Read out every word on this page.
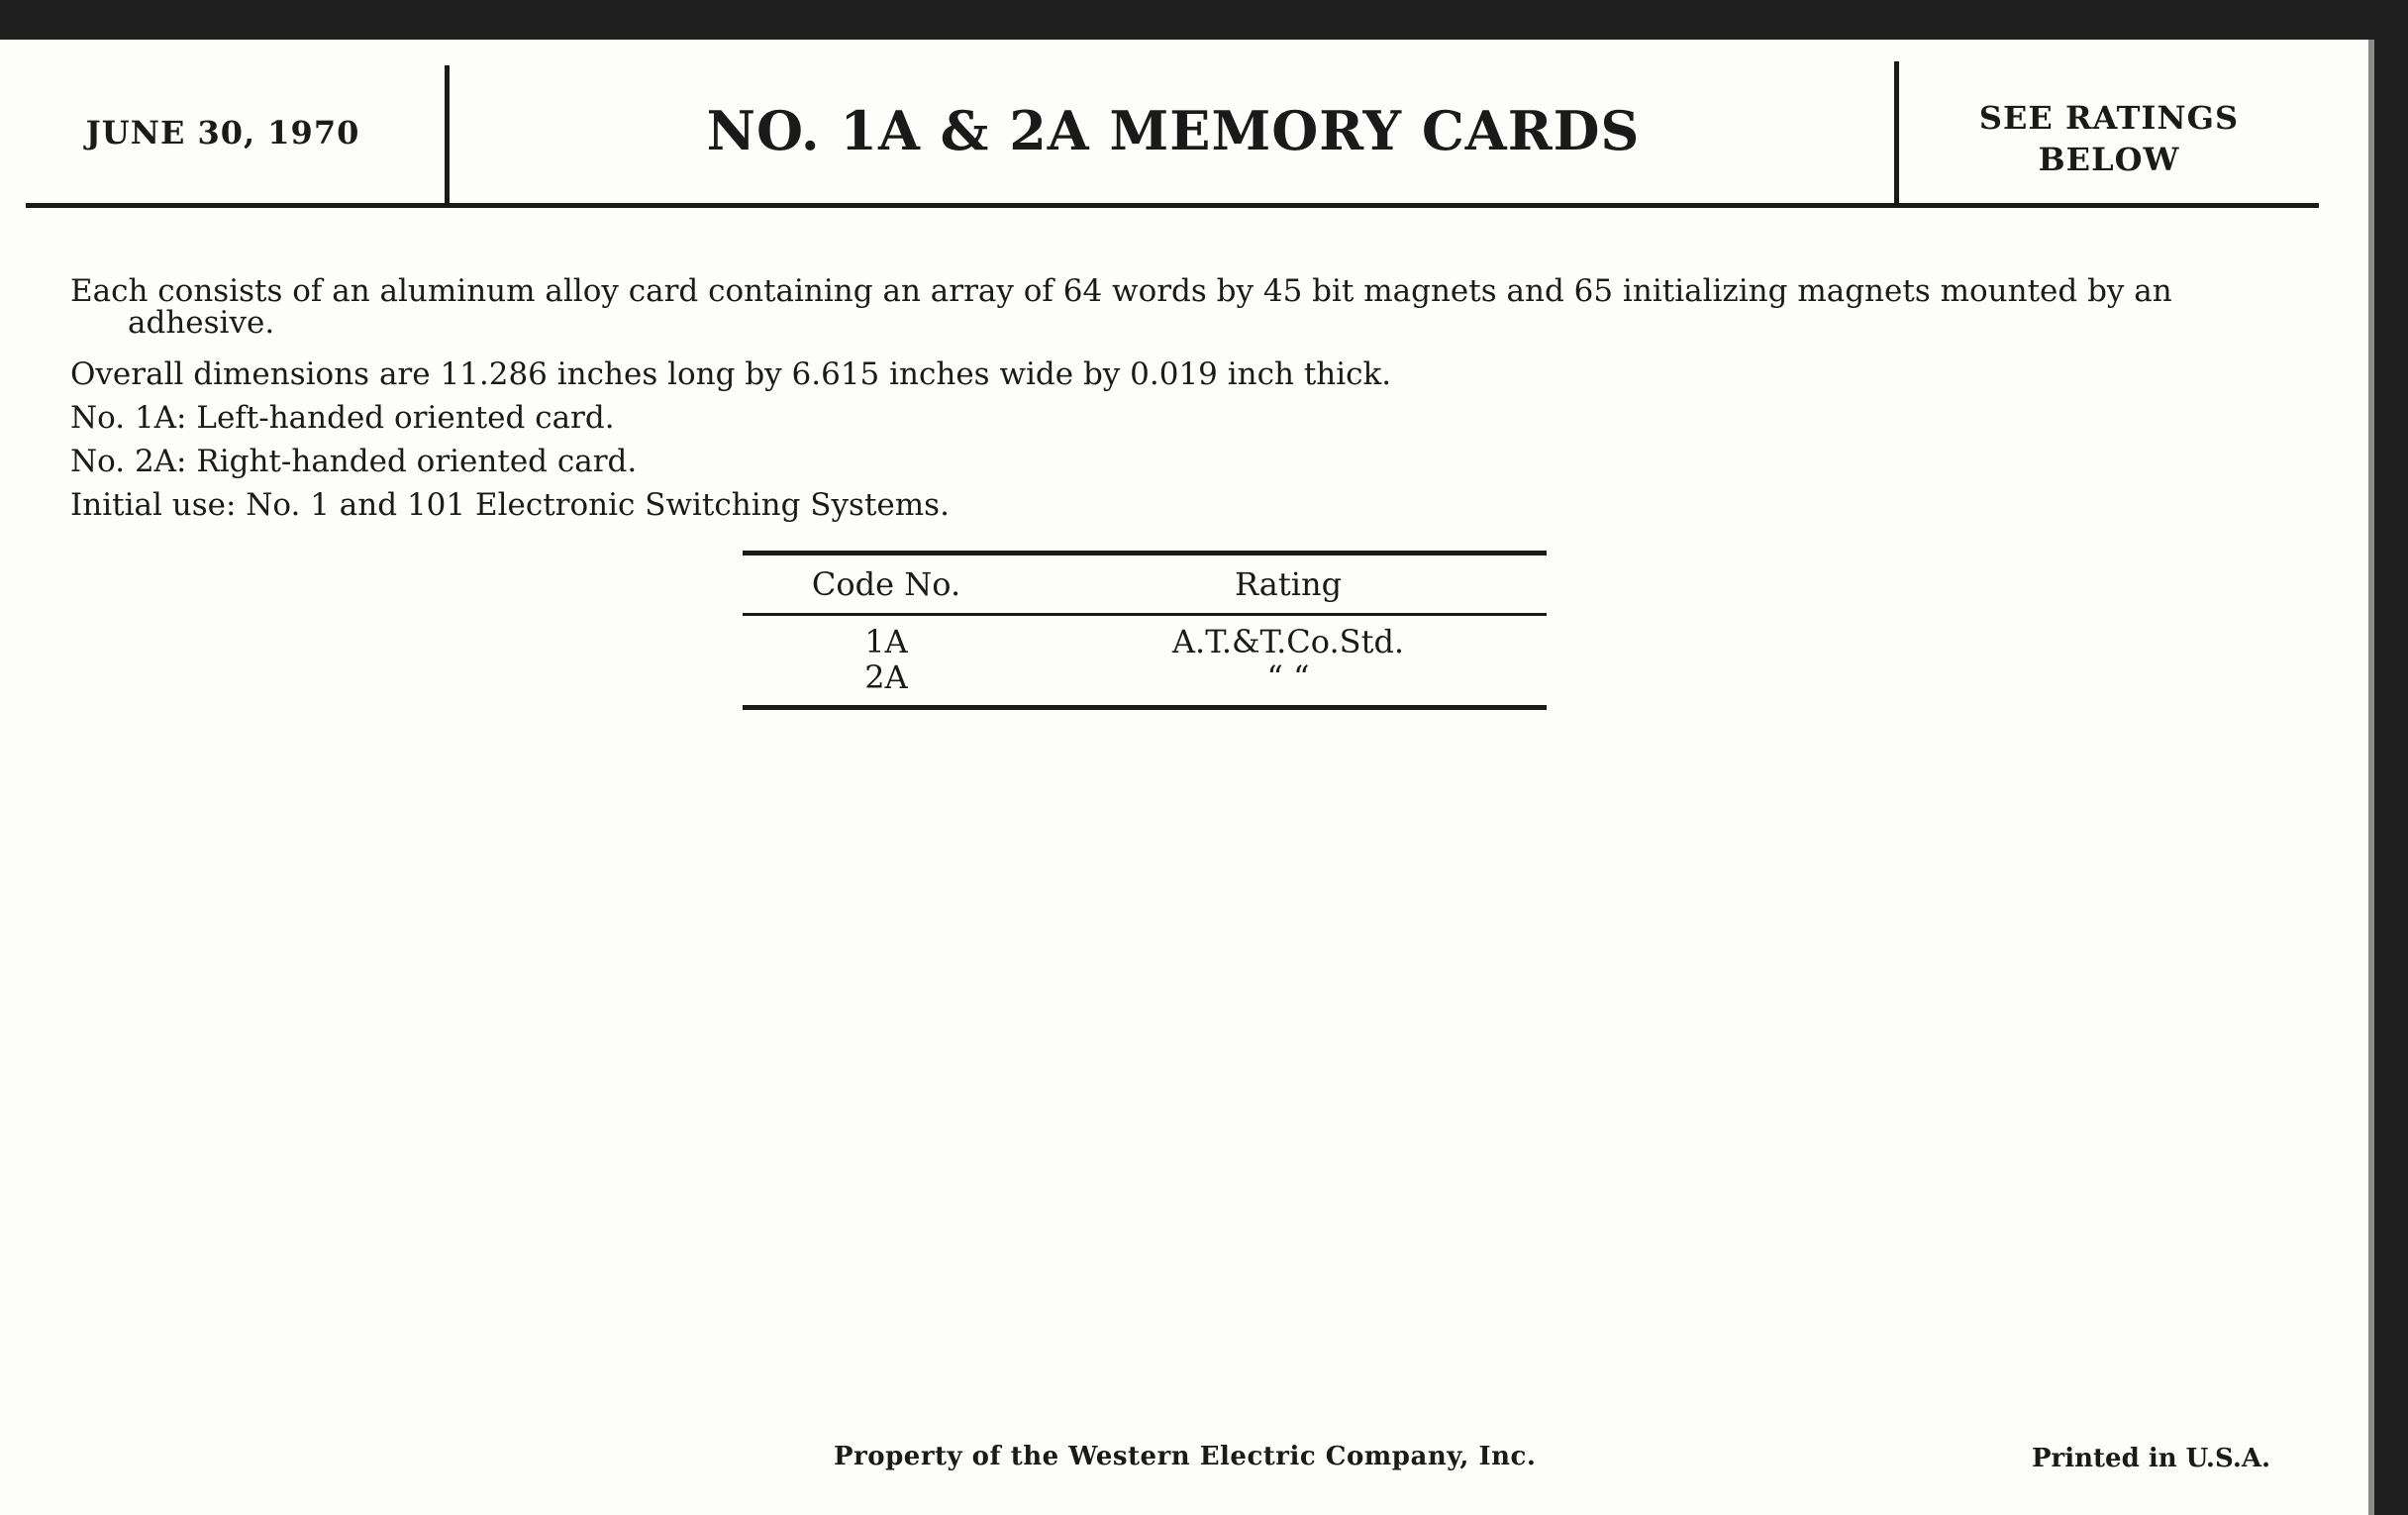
JUNE 30, 1970	NO. 1A & 2A MEMORY CARDS	SEE RATINGS
BELOW
Each consists of an aluminum alloy card containing an array of 64 words by 45 bit magnets and 65 initializing magnets mounted by an adhesive.
Overall dimensions are 11.286 inches long by 6.615 inches wide by 0.019 inch thick.
No. 1A: Left-handed oriented card.
No. 2A: Right-handed oriented card.
Initial use: No. 1 and 101 Electronic Switching Systems.
Code No.	Rating
1A	A.T.&T.Co.Std.
2A	“ “
Property of the Western Electric Company, Inc.	Printed in U.S.A.
